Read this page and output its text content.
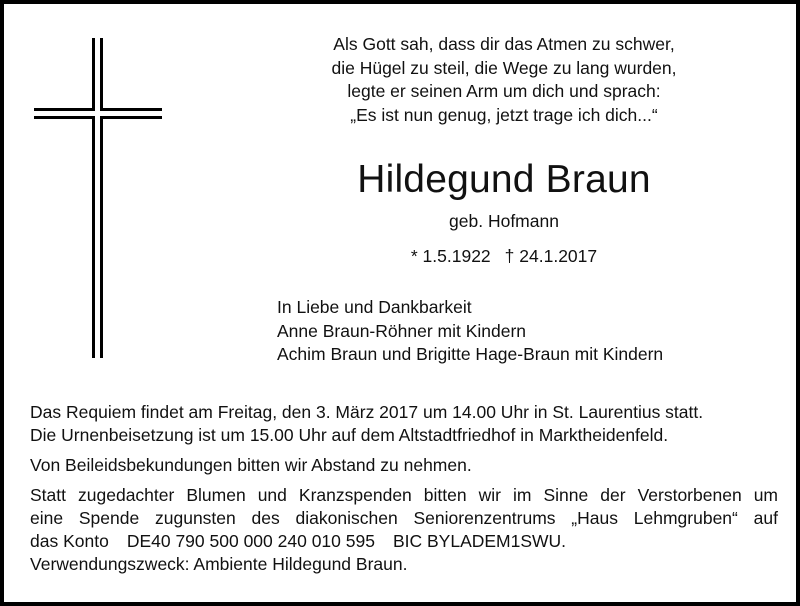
Als Gott sah, dass dir das Atmen zu schwer,
die Hügel zu steil, die Wege zu lang wurden,
legte er seinen Arm um dich und sprach:
„Es ist nun genug, jetzt trage ich dich...“
Hildegund Braun
geb. Hofmann
* 1.5.1922 † 24.1.2017
In Liebe und Dankbarkeit
Anne Braun-Röhner mit Kindern
Achim Braun und Brigitte Hage-Braun mit Kindern

Das Requiem findet am Freitag, den 3. März 2017 um 14.00 Uhr in St. Laurentius statt.
Die Urnenbeisetzung ist um 15.00 Uhr auf dem Altstadtfriedhof in Marktheidenfeld.

Von Beileidsbekundungen bitten wir Abstand zu nehmen.

Statt zugedachter Blumen und Kranzspenden bitten wir im Sinne der Verstorbenen um
eine Spende zugunsten des diakonischen Seniorenzentrums „Haus Lehmgruben“ auf
das Konto DE40 790 500 000 240 010 595 BIC BYLADEM1SWU.
Verwendungszweck: Ambiente Hildegund Braun.
